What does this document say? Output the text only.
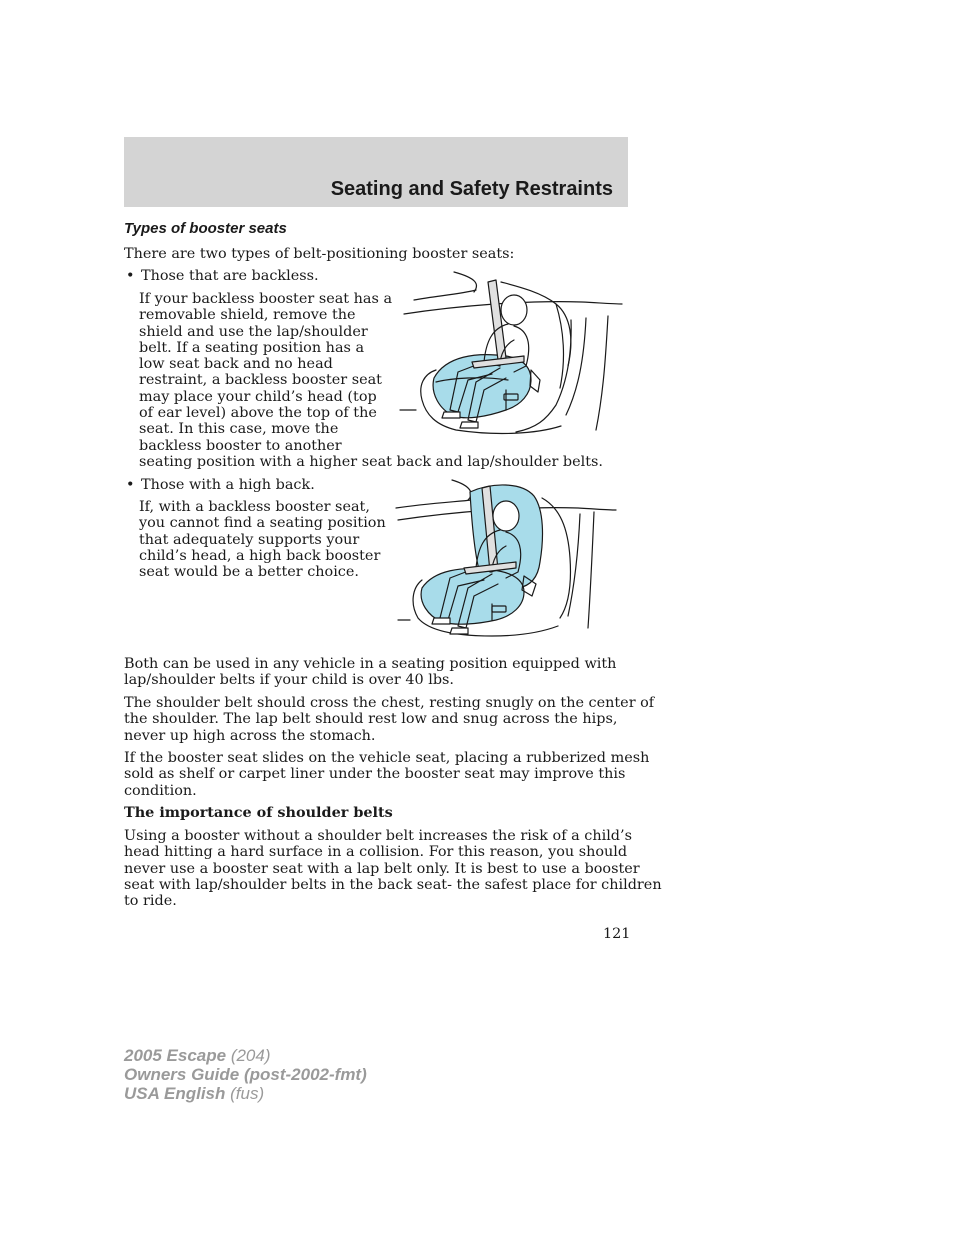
Seating and Safety Restraints
Types of booster seats

There are two types of belt-positioning booster seats:

• Those that are backless.

If your backless booster seat has a
removable shield, remove the
shield and use the lap/shoulder
belt. If a seating position has a
low seat back and no head
restraint, a backless booster seat
may place your child’s head (top
of ear level) above the top of the
seat. In this case, move the
backless booster to another
seating position with a higher seat back and lap/shoulder belts.
• Those with a high back.

If, with a backless booster seat,
you cannot find a seating position
that adequately supports your
child’s head, a high back booster
seat would be a better choice.
Both can be used in any vehicle in a seating position equipped with
lap/shoulder belts if your child is over 40 lbs.
The shoulder belt should cross the chest, resting snugly on the center of
the shoulder. The lap belt should rest low and snug across the hips,
never up high across the stomach.
If the booster seat slides on the vehicle seat, placing a rubberized mesh
sold as shelf or carpet liner under the booster seat may improve this
condition.
The importance of shoulder belts
Using a booster without a shoulder belt increases the risk of a child’s
head hitting a hard surface in a collision. For this reason, you should
never use a booster seat with a lap belt only. It is best to use a booster
seat with lap/shoulder belts in the back seat- the safest place for children
to ride.
121
2005 Escape (204)
Owners Guide (post-2002-fmt)
USA English (fus)
